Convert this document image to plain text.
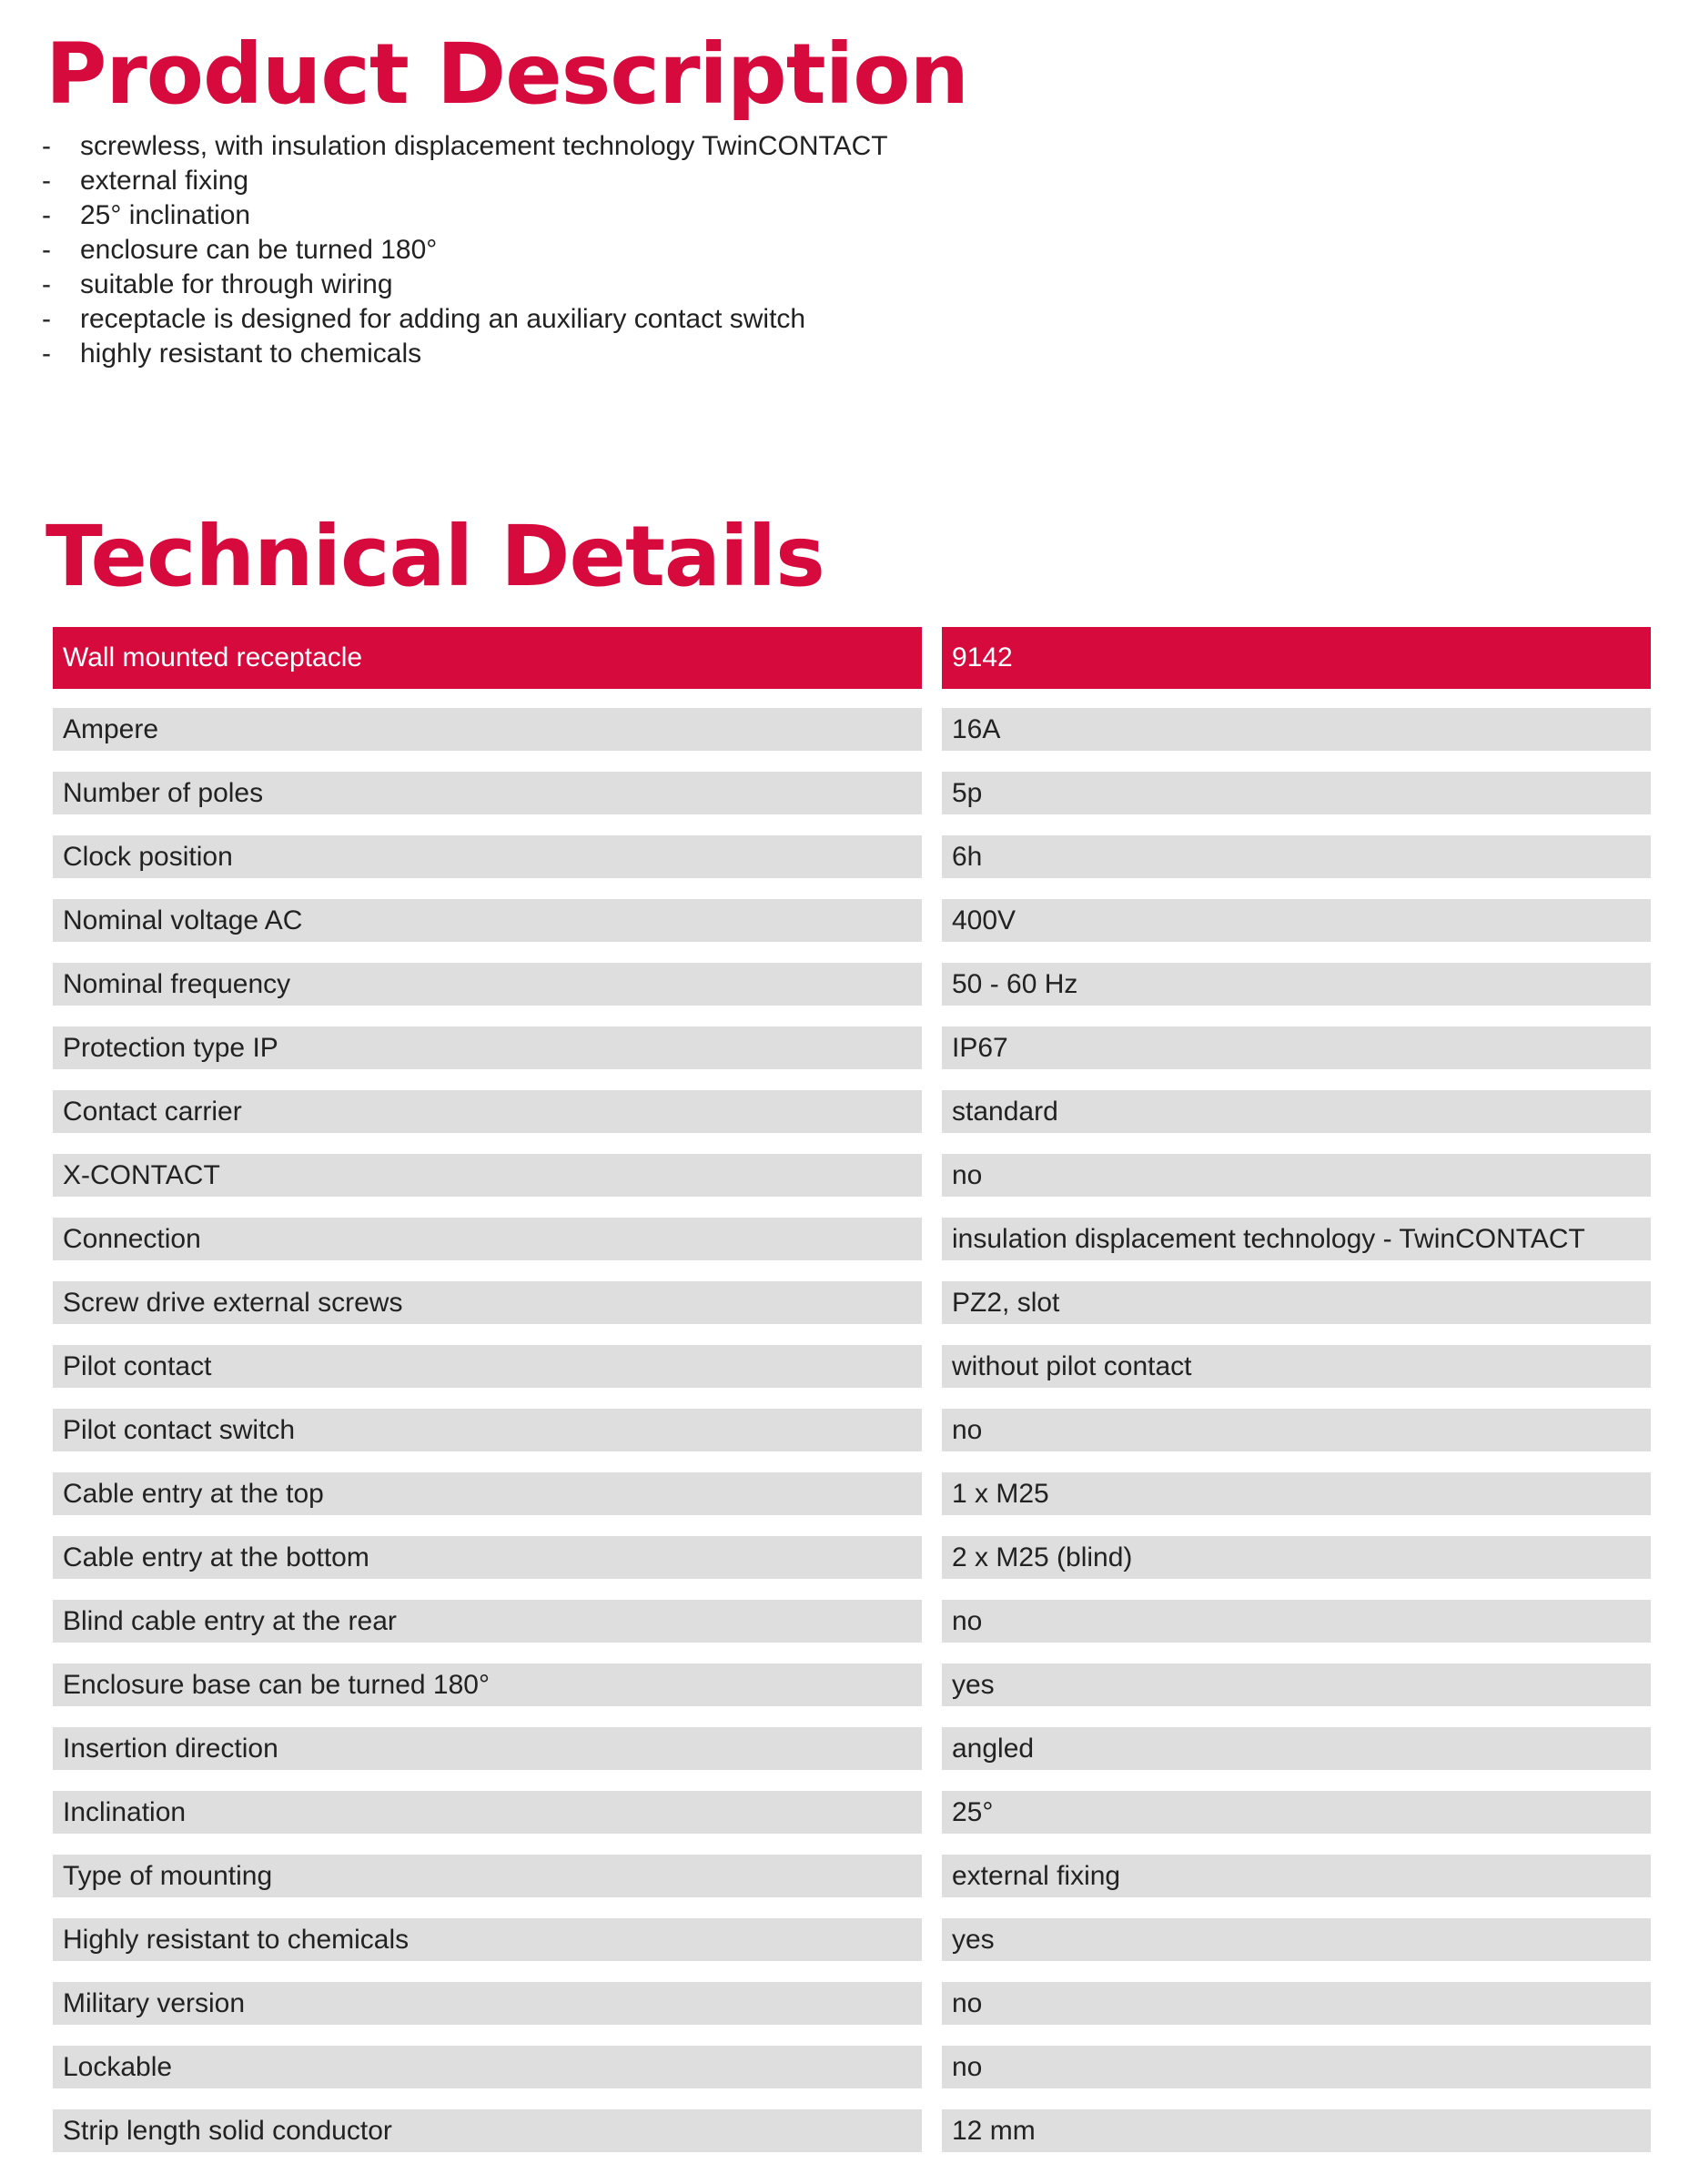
Product Description
-	screwless, with insulation displacement technology TwinCONTACT
-	external fixing
-	25° inclination
-	enclosure can be turned 180°
-	suitable for through wiring
-	receptacle is designed for adding an auxiliary contact switch
-	highly resistant to chemicals
Technical Details
Wall mounted receptacle	9142
Ampere	16A
Number of poles	5p
Clock position	6h
Nominal voltage AC	400V
Nominal frequency	50 - 60 Hz
Protection type IP	IP67
Contact carrier	standard
X-CONTACT	no
Connection	insulation displacement technology - TwinCONTACT
Screw drive external screws	PZ2, slot
Pilot contact	without pilot contact
Pilot contact switch	no
Cable entry at the top	1 x M25
Cable entry at the bottom	2 x M25 (blind)
Blind cable entry at the rear	no
Enclosure base can be turned 180°	yes
Insertion direction	angled
Inclination	25°
Type of mounting	external fixing
Highly resistant to chemicals	yes
Military version	no
Lockable	no
Strip length solid conductor	12 mm
